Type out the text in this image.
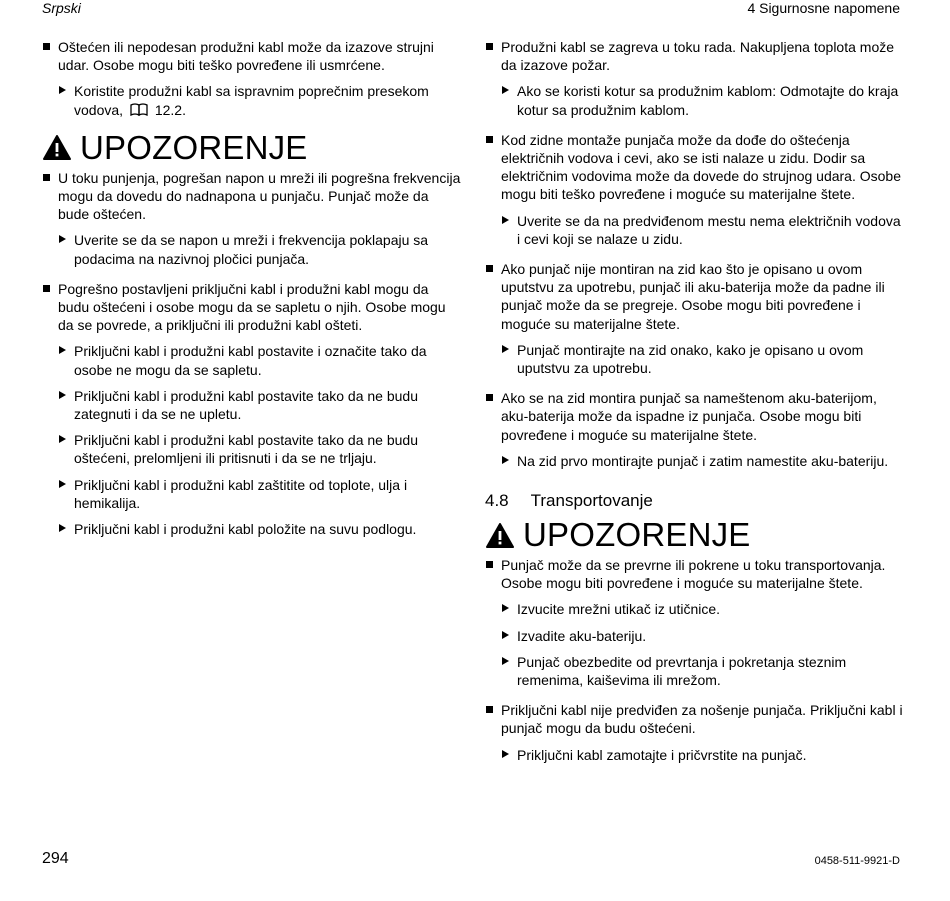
Srpski	4 Sigurnosne napomene
Oštećen ili nepodesan produžni kabl može da izazove strujni udar. Osobe mogu biti teško povređene ili usmrćene.
Koristite produžni kabl sa ispravnim poprečnim presekom vodova, 12.2.
UPOZORENJE
U toku punjenja, pogrešan napon u mreži ili pogrešna frekvencija mogu da dovedu do nadnapona u punjaču. Punjač može da bude oštećen.
Uverite se da se napon u mreži i frekvencija poklapaju sa podacima na nazivnoj pločici punjača.
Pogrešno postavljeni priključni kabl i produžni kabl mogu da budu oštećeni i osobe mogu da se sapletu o njih. Osobe mogu da se povrede, a priključni ili produžni kabl ošteti.
Priključni kabl i produžni kabl postavite i označite tako da osobe ne mogu da se sapletu.
Priključni kabl i produžni kabl postavite tako da ne budu zategnuti i da se ne upletu.
Priključni kabl i produžni kabl postavite tako da ne budu oštećeni, prelomljeni ili pritisnuti i da se ne trljaju.
Priključni kabl i produžni kabl zaštitite od toplote, ulja i hemikalija.
Priključni kabl i produžni kabl položite na suvu podlogu.
Produžni kabl se zagreva u toku rada. Nakupljena toplota može da izazove požar.
Ako se koristi kotur sa produžnim kablom: Odmotajte do kraja kotur sa produžnim kablom.
Kod zidne montaže punjača može da dođe do oštećenja električnih vodova i cevi, ako se isti nalaze u zidu. Dodir sa električnim vodovima može da dovede do strujnog udara. Osobe mogu biti teško povređene i moguće su materijalne štete.
Uverite se da na predviđenom mestu nema električnih vodova i cevi koji se nalaze u zidu.
Ako punjač nije montiran na zid kao što je opisano u ovom uputstvu za upotrebu, punjač ili aku-baterija može da padne ili punjač može da se pregreje. Osobe mogu biti povređene i moguće su materijalne štete.
Punjač montirajte na zid onako, kako je opisano u ovom uputstvu za upotrebu.
Ako se na zid montira punjač sa nameštenom aku-baterijom, aku-baterija može da ispadne iz punjača. Osobe mogu biti povređene i moguće su materijalne štete.
Na zid prvo montirajte punjač i zatim namestite aku-bateriju.
4.8 Transportovanje
UPOZORENJE
Punjač može da se prevrne ili pokrene u toku transportovanja. Osobe mogu biti povređene i moguće su materijalne štete.
Izvucite mrežni utikač iz utičnice.
Izvadite aku-bateriju.
Punjač obezbedite od prevrtanja i pokretanja steznim remenima, kaiševima ili mrežom.
Priključni kabl nije predviđen za nošenje punjača. Priključni kabl i punjač mogu da budu oštećeni.
Priključni kabl zamotajte i pričvrstite na punjač.
294	0458-511-9921-D
